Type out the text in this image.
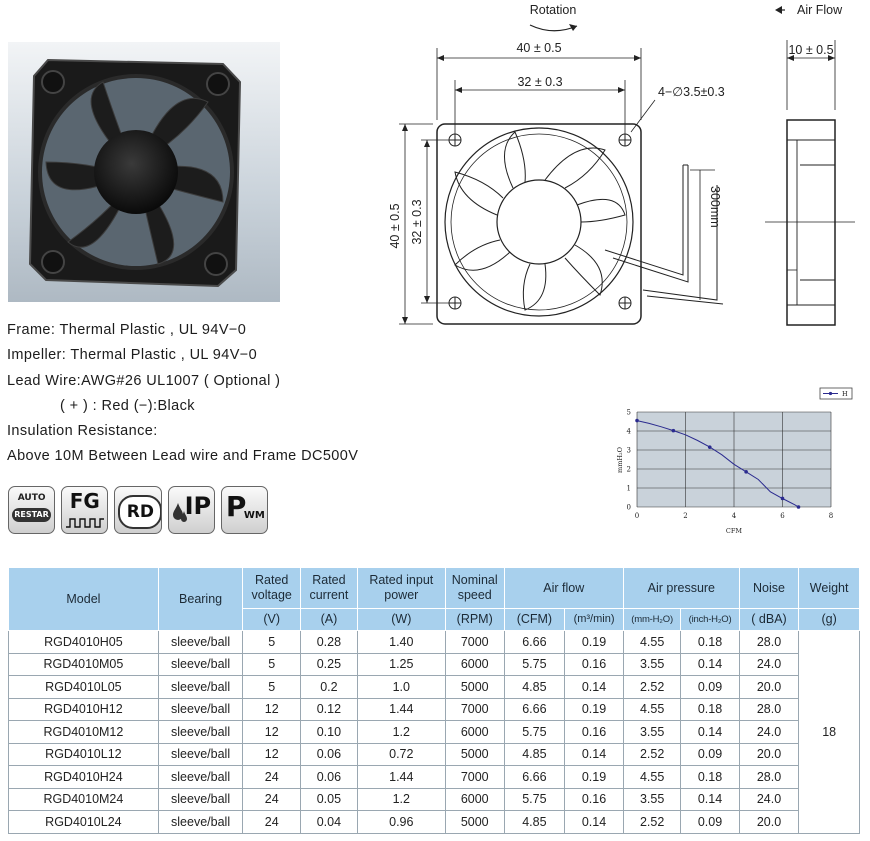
Frame: Thermal Plastic , UL 94V−0
Impeller: Thermal Plastic , UL 94V−0
Lead Wire:AWG#26 UL1007 ( Optional )
( + ) : Red (−):Black
Insulation Resistance:
Above 10M Between Lead wire and Frame DC500V
AUTO
RESTAR
FG	RD	IP P
WM
Rotation
300mm
40 ± 0.5
32 ± 0.3
4−∅3.5±0.3
40 ± 0.5 32 ± 0.3
Air Flow
10 ± 0.5
0	2	4	6	8
0
1
2
3
4
5
CFM
mmH₂O
H
Model	Bearing	Rated voltage	Rated current	Rated input power	Nominal speed	Air flow		Air pressure		Noise	Weight
		(V)	(A)	(W)	(RPM)	(CFM)	(m³/min)	(mm-H₂O)	(inch-H₂O)	( dBA)	(g)
RGD4010H05	sleeve/ball	5	0.28	1.40	7000	6.66	0.19	4.55	0.18	28.0	18
RGD4010M05	sleeve/ball	5	0.25	1.25	6000	5.75	0.16	3.55	0.14	24.0	
RGD4010L05	sleeve/ball	5	0.2	1.0	5000	4.85	0.14	2.52	0.09	20.0	
RGD4010H12	sleeve/ball	12	0.12	1.44	7000	6.66	0.19	4.55	0.18	28.0	
RGD4010M12	sleeve/ball	12	0.10	1.2	6000	5.75	0.16	3.55	0.14	24.0	
RGD4010L12	sleeve/ball	12	0.06	0.72	5000	4.85	0.14	2.52	0.09	20.0	
RGD4010H24	sleeve/ball	24	0.06	1.44	7000	6.66	0.19	4.55	0.18	28.0	
RGD4010M24	sleeve/ball	24	0.05	1.2	6000	5.75	0.16	3.55	0.14	24.0	
RGD4010L24	sleeve/ball	24	0.04	0.96	5000	4.85	0.14	2.52	0.09	20.0	
